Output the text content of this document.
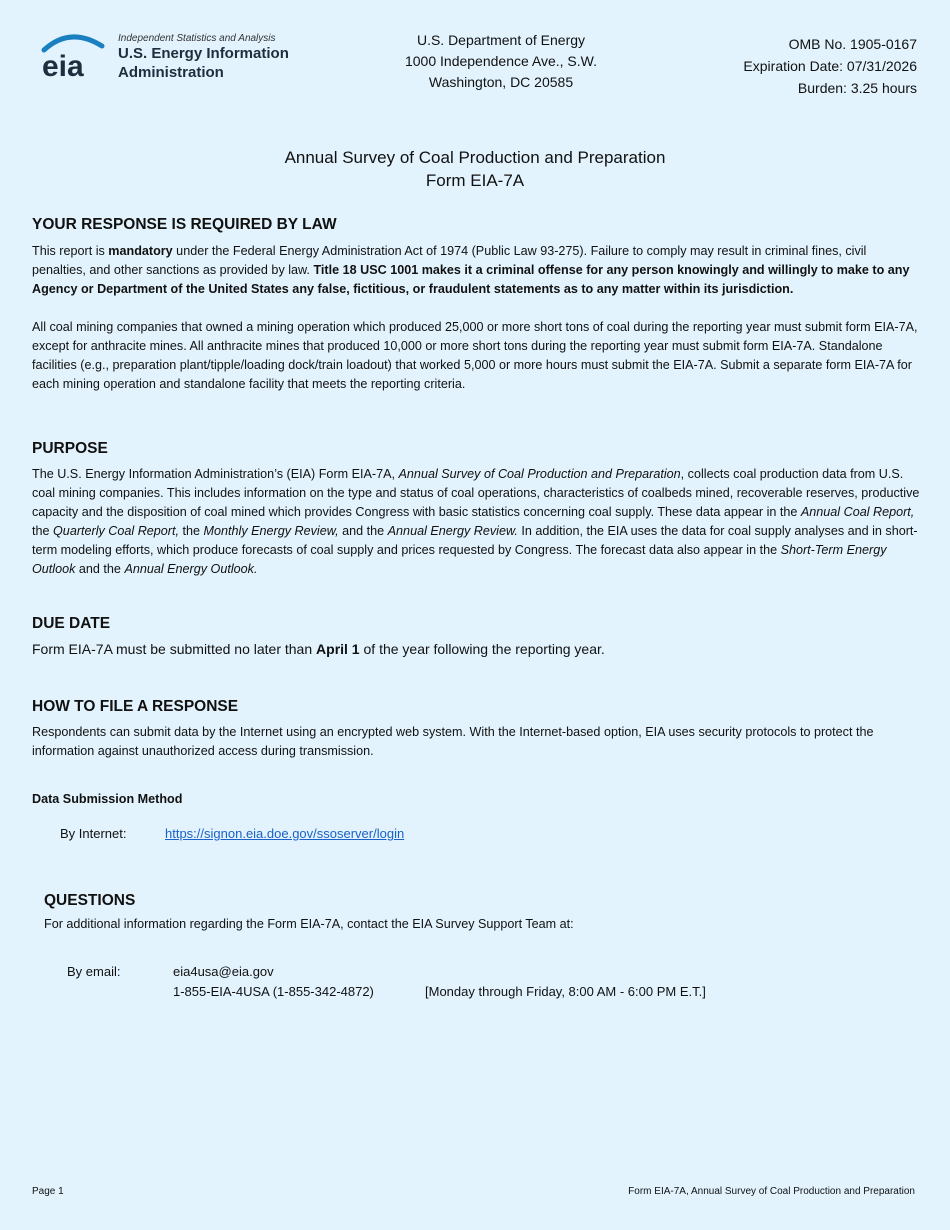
eia
Independent Statistics and Analysis
U.S. Energy Information
Administration
U.S. Department of Energy
1000 Independence Ave., S.W.
Washington, DC 20585
OMB No. 1905-0167
Expiration Date: 07/31/2026
Burden: 3.25 hours
Annual Survey of Coal Production and Preparation
Form EIA-7A
YOUR RESPONSE IS REQUIRED BY LAW
This report is mandatory under the Federal Energy Administration Act of 1974 (Public Law 93-275). Failure to comply may result in criminal fines, civil penalties, and other sanctions as provided by law. Title 18 USC 1001 makes it a criminal offense for any person knowingly and willingly to make to any Agency or Department of the United States any false, fictitious, or fraudulent statements as to any matter within its jurisdiction.
All coal mining companies that owned a mining operation which produced 25,000 or more short tons of coal during the reporting year must submit form EIA-7A, except for anthracite mines. All anthracite mines that produced 10,000 or more short tons during the reporting year must submit form EIA-7A. Standalone facilities (e.g., preparation plant/tipple/loading dock/train loadout) that worked 5,000 or more hours must submit the EIA-7A. Submit a separate form EIA-7A for each mining operation and standalone facility that meets the reporting criteria.
PURPOSE
The U.S. Energy Information Administration’s (EIA) Form EIA-7A, Annual Survey of Coal Production and Preparation, collects coal production data from U.S. coal mining companies. This includes information on the type and status of coal operations, characteristics of coalbeds mined, recoverable reserves, productive capacity and the disposition of coal mined which provides Congress with basic statistics concerning coal supply. These data appear in the Annual Coal Report, the Quarterly Coal Report, the Monthly Energy Review, and the Annual Energy Review. In addition, the EIA uses the data for coal supply analyses and in short-term modeling efforts, which produce forecasts of coal supply and prices requested by Congress. The forecast data also appear in the Short-Term Energy Outlook and the Annual Energy Outlook.
DUE DATE
Form EIA-7A must be submitted no later than April 1 of the year following the reporting year.
HOW TO FILE A RESPONSE
Respondents can submit data by the Internet using an encrypted web system. With the Internet-based option, EIA uses security protocols to protect the information against unauthorized access during transmission.
Data Submission Method
By Internet:	https://signon.eia.doe.gov/ssoserver/login
QUESTIONS
For additional information regarding the Form EIA-7A, contact the EIA Survey Support Team at:
By email:	eia4usa@eia.gov
1-855-EIA-4USA (1-855-342-4872)	[Monday through Friday, 8:00 AM - 6:00 PM E.T.]
Page 1	Form EIA-7A, Annual Survey of Coal Production and Preparation
